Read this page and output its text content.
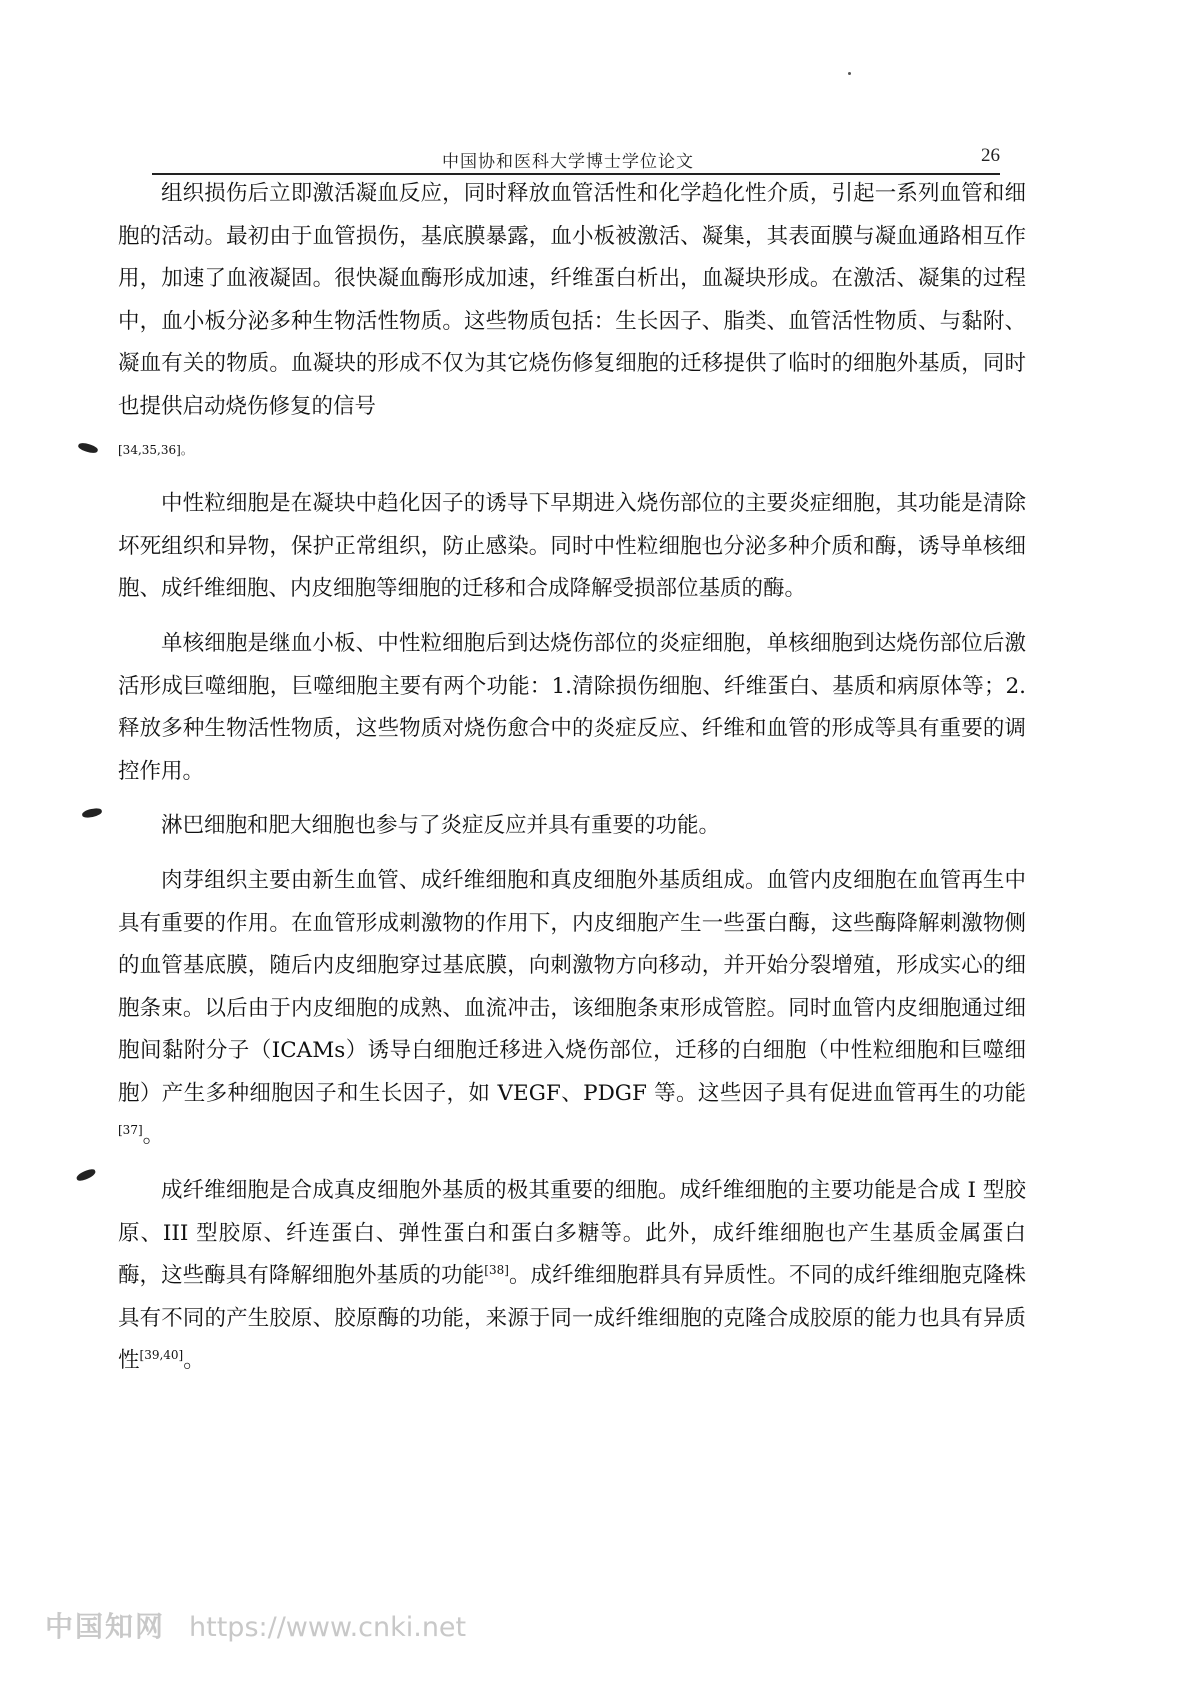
中国协和医科大学博士学位论文	26

组织损伤后立即激活凝血反应，同时释放血管活性和化学趋化性介质，引起一系列血管和细胞的活动。最初由于血管损伤，基底膜暴露，血小板被激活、凝集，其表面膜与凝血通路相互作用，加速了血液凝固。很快凝血酶形成加速，纤维蛋白析出，血凝块形成。在激活、凝集的过程中，血小板分泌多种生物活性物质。这些物质包括：生长因子、脂类、血管活性物质、与黏附、凝血有关的物质。血凝块的形成不仅为其它烧伤修复细胞的迁移提供了临时的细胞外基质，同时也提供启动烧伤修复的信号

[34,35,36]。

中性粒细胞是在凝块中趋化因子的诱导下早期进入烧伤部位的主要炎症细胞，其功能是清除坏死组织和异物，保护正常组织，防止感染。同时中性粒细胞也分泌多种介质和酶，诱导单核细胞、成纤维细胞、内皮细胞等细胞的迁移和合成降解受损部位基质的酶。

单核细胞是继血小板、中性粒细胞后到达烧伤部位的炎症细胞，单核细胞到达烧伤部位后激活形成巨噬细胞，巨噬细胞主要有两个功能：1.清除损伤细胞、纤维蛋白、基质和病原体等；2.释放多种生物活性物质，这些物质对烧伤愈合中的炎症反应、纤维和血管的形成等具有重要的调控作用。

淋巴细胞和肥大细胞也参与了炎症反应并具有重要的功能。

肉芽组织主要由新生血管、成纤维细胞和真皮细胞外基质组成。血管内皮细胞在血管再生中具有重要的作用。在血管形成刺激物的作用下，内皮细胞产生一些蛋白酶，这些酶降解刺激物侧的血管基底膜，随后内皮细胞穿过基底膜，向刺激物方向移动，并开始分裂增殖，形成实心的细胞条束。以后由于内皮细胞的成熟、血流冲击，该细胞条束形成管腔。同时血管内皮细胞通过细胞间黏附分子（ICAMs）诱导白细胞迁移进入烧伤部位，迁移的白细胞（中性粒细胞和巨噬细胞）产生多种细胞因子和生长因子，如 VEGF、PDGF 等。这些因子具有促进血管再生的功能[37]。

成纤维细胞是合成真皮细胞外基质的极其重要的细胞。成纤维细胞的主要功能是合成 I 型胶原、III 型胶原、纤连蛋白、弹性蛋白和蛋白多糖等。此外，成纤维细胞也产生基质金属蛋白酶，这些酶具有降解细胞外基质的功能[38]。成纤维细胞群具有异质性。不同的成纤维细胞克隆株具有不同的产生胶原、胶原酶的功能，来源于同一成纤维细胞的克隆合成胶原的能力也具有异质性[39,40]。

中国知网 https://www.cnki.net
